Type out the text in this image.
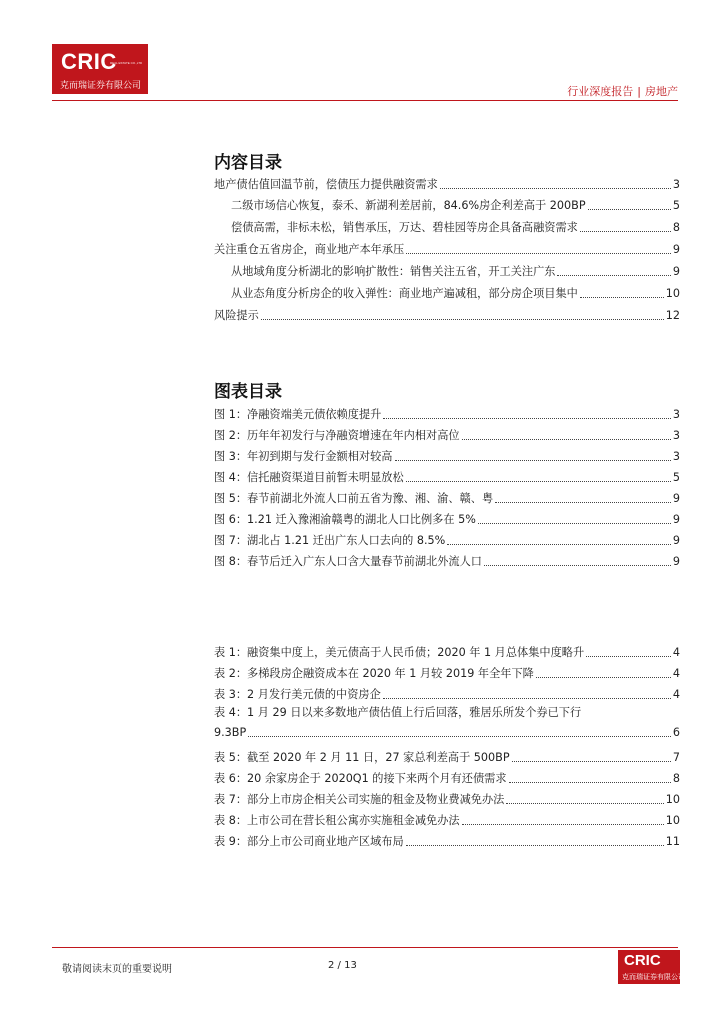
CRIC
REAL ESTATE CO.,LTD
克而瑞证券有限公司	行业深度报告 | 房地产
内容目录
地产债估值回温节前，偿债压力提供融资需求	3
二级市场信心恢复，泰禾、新湖利差居前，84.6%房企利差高于 200BP	5
偿债高需，非标未松，销售承压，万达、碧桂园等房企具备高融资需求	8
关注重仓五省房企，商业地产本年承压	9
从地域角度分析湖北的影响扩散性：销售关注五省，开工关注广东	9
从业态角度分析房企的收入弹性：商业地产遍减租，部分房企项目集中	10
风险提示	12
图表目录
图 1：净融资端美元债依赖度提升	3
图 2：历年年初发行与净融资增速在年内相对高位	3
图 3：年初到期与发行金额相对较高	3
图 4：信托融资渠道目前暂未明显放松	5
图 5：春节前湖北外流人口前五省为豫、湘、渝、赣、粤	9
图 6：1.21 迁入豫湘渝赣粤的湖北人口比例多在 5%	9
图 7：湖北占 1.21 迁出广东人口去向的 8.5%	9
图 8：春节后迁入广东人口含大量春节前湖北外流人口	9
表 1：融资集中度上，美元债高于人民币债；2020 年 1 月总体集中度略升	4
表 2：多梯段房企融资成本在 2020 年 1 月较 2019 年全年下降	4
表 3：2 月发行美元债的中资房企	4
表 4：1 月 29 日以来多数地产债估值上行后回落，雅居乐所发个券已下行
9.3BP	6
表 5：截至 2020 年 2 月 11 日，27 家总利差高于 500BP	7
表 6：20 余家房企于 2020Q1 的接下来两个月有还债需求	8
表 7：部分上市房企相关公司实施的租金及物业费减免办法	10
表 8：上市公司在营长租公寓亦实施租金减免办法	10
表 9：部分上市公司商业地产区域布局	11
敬请阅读末页的重要说明	2 / 13	CRIC
克而瑞证券有限公司
